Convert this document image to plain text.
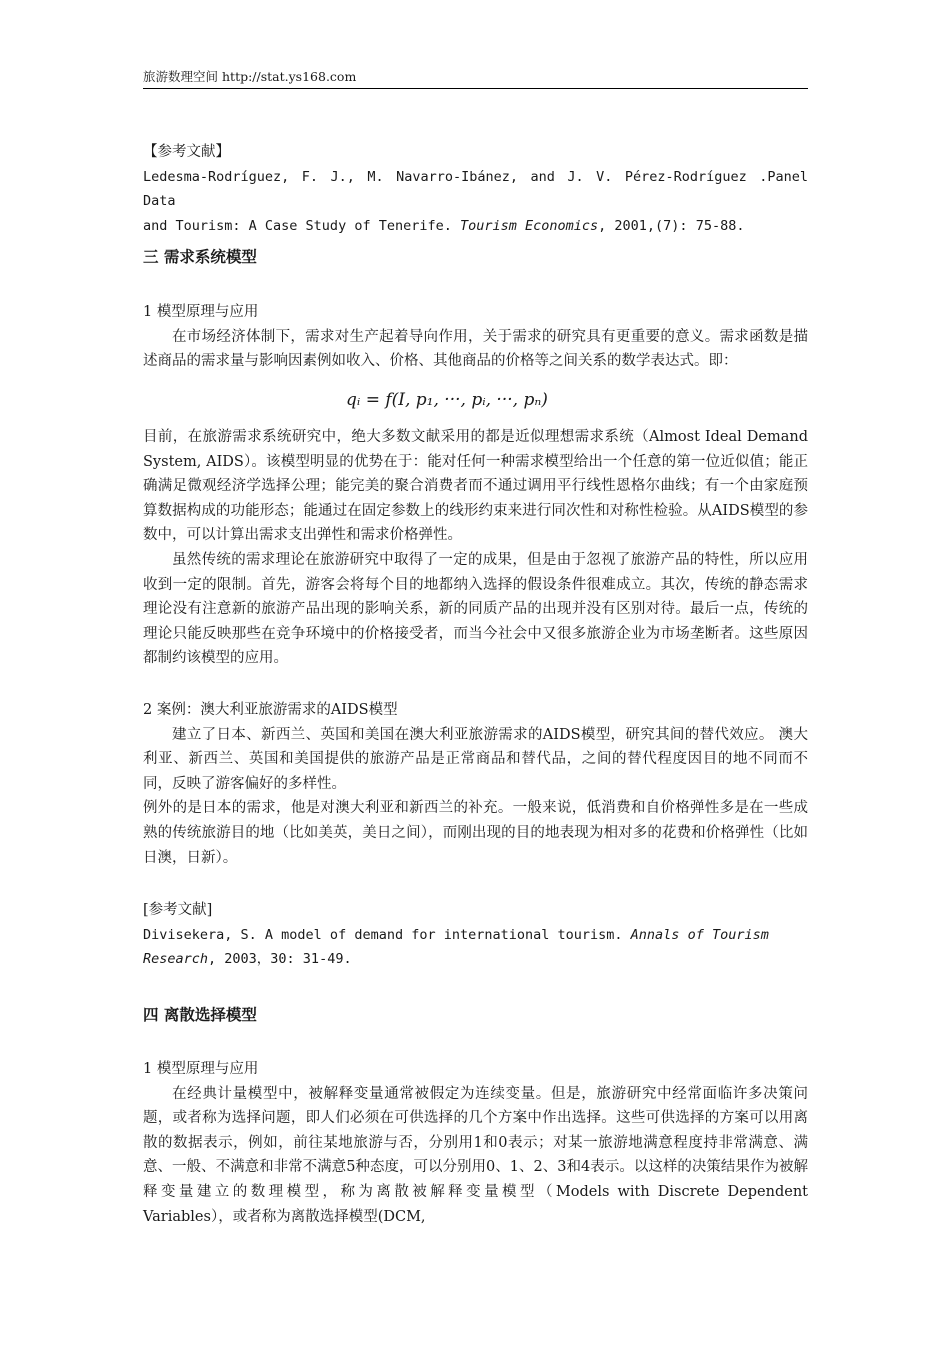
旅游数理空间 http://stat.ys168.com

【参考文献】

Ledesma-Rodríguez, F. J., M. Navarro-Ibánez, and J. V. Pérez-Rodríguez .Panel Data

and Tourism: A Case Study of Tenerife. Tourism Economics, 2001,(7): 75-88.

三 需求系统模型

1 模型原理与应用

在市场经济体制下，需求对生产起着导向作用，关于需求的研究具有更重要的意义。需求函数是描述商品的需求量与影响因素例如收入、价格、其他商品的价格等之间关系的数学表达式。即：

qᵢ = f(I, p₁, ···, pᵢ, ···, pₙ)

目前，在旅游需求系统研究中，绝大多数文献采用的都是近似理想需求系统（Almost Ideal Demand System, AIDS）。该模型明显的优势在于：能对任何一种需求模型给出一个任意的第一位近似值；能正确满足微观经济学选择公理；能完美的聚合消费者而不通过调用平行线性恩格尔曲线；有一个由家庭预算数据构成的功能形态；能通过在固定参数上的线形约束来进行同次性和对称性检验。从AIDS模型的参数中，可以计算出需求支出弹性和需求价格弹性。

虽然传统的需求理论在旅游研究中取得了一定的成果，但是由于忽视了旅游产品的特性，所以应用收到一定的限制。首先，游客会将每个目的地都纳入选择的假设条件很难成立。其次，传统的静态需求理论没有注意新的旅游产品出现的影响关系，新的同质产品的出现并没有区别对待。最后一点，传统的理论只能反映那些在竞争环境中的价格接受者，而当今社会中又很多旅游企业为市场垄断者。这些原因都制约该模型的应用。

2 案例：澳大利亚旅游需求的AIDS模型

建立了日本、新西兰、英国和美国在澳大利亚旅游需求的AIDS模型，研究其间的替代效应。 澳大利亚、新西兰、英国和美国提供的旅游产品是正常商品和替代品，之间的替代程度因目的地不同而不同，反映了游客偏好的多样性。

例外的是日本的需求，他是对澳大利亚和新西兰的补充。一般来说，低消费和自价格弹性多是在一些成熟的传统旅游目的地（比如美英，美日之间），而刚出现的目的地表现为相对多的花费和价格弹性（比如日澳，日新）。

[参考文献]

Divisekera, S. A model of demand for international tourism. Annals of Tourism

Research, 2003，30: 31-49.

四 离散选择模型

1 模型原理与应用

在经典计量模型中，被解释变量通常被假定为连续变量。但是，旅游研究中经常面临许多决策问题，或者称为选择问题，即人们必须在可供选择的几个方案中作出选择。这些可供选择的方案可以用离散的数据表示，例如，前往某地旅游与否，分别用1和0表示；对某一旅游地满意程度持非常满意、满意、一般、不满意和非常不满意5种态度，可以分别用0、1、2、3和4表示。以这样的决策结果作为被解释变量建立的数理模型，称为离散被解释变量模型（Models with Discrete Dependent Variables），或者称为离散选择模型(DCM,
